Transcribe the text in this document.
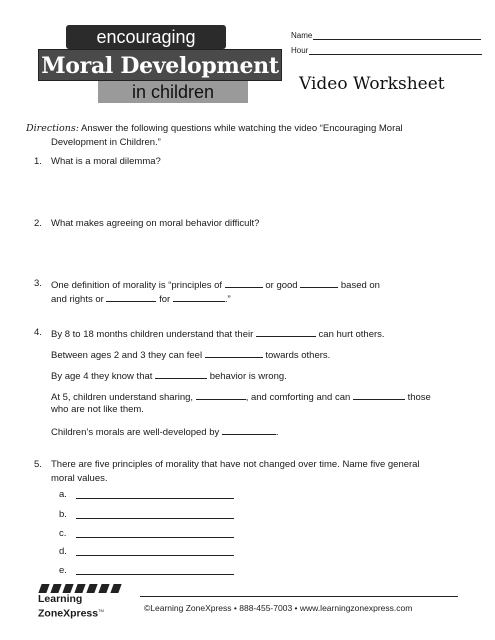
encouraging
Moral Development
in children
Name
Hour
Video Worksheet
Directions: Answer the following questions while watching the video “Encouraging Moral
Development in Children.”
1. What is a moral dilemma?
2. What makes agreeing on moral behavior difficult?
3. One definition of morality is “principles of	or good	based on
and rights or	for	.”
4. By 8 to 18 months children understand that their	can hurt others.
Between ages 2 and 3 they can feel	towards others.
By age 4 they know that	behavior is wrong.
At 5, children understand sharing,	, and comforting and can	those
who are not like them.
Children’s morals are well-developed by	.
5. There are five principles of morality that have not changed over time. Name five general
moral values.
a.
b.
c.
d.
e.
Learning
ZoneXpress™	©Learning ZoneXpress • 888-455-7003 • www.learningzonexpress.com
